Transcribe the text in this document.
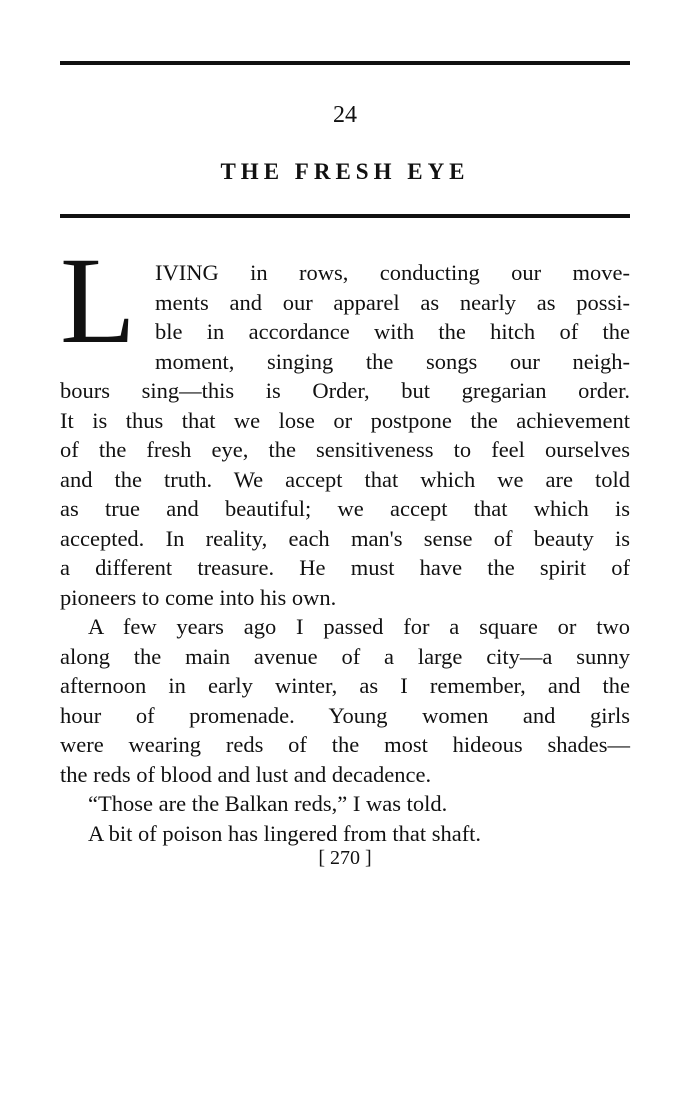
24
THE FRESH EYE
L IVING in rows, conducting our move-
ments and our apparel as nearly as possi-
ble in accordance with the hitch of the
moment, singing the songs our neigh-
bours sing—this is Order, but gregarian order.
It is thus that we lose or postpone the achievement
of the fresh eye, the sensitiveness to feel ourselves
and the truth. We accept that which we are told
as true and beautiful; we accept that which is
accepted. In reality, each man's sense of beauty is
a different treasure. He must have the spirit of
pioneers to come into his own.
A few years ago I passed for a square or two
along the main avenue of a large city—a sunny
afternoon in early winter, as I remember, and the
hour of promenade. Young women and girls
were wearing reds of the most hideous shades—
the reds of blood and lust and decadence.
“Those are the Balkan reds,” I was told.
A bit of poison has lingered from that shaft.
[ 270 ]
